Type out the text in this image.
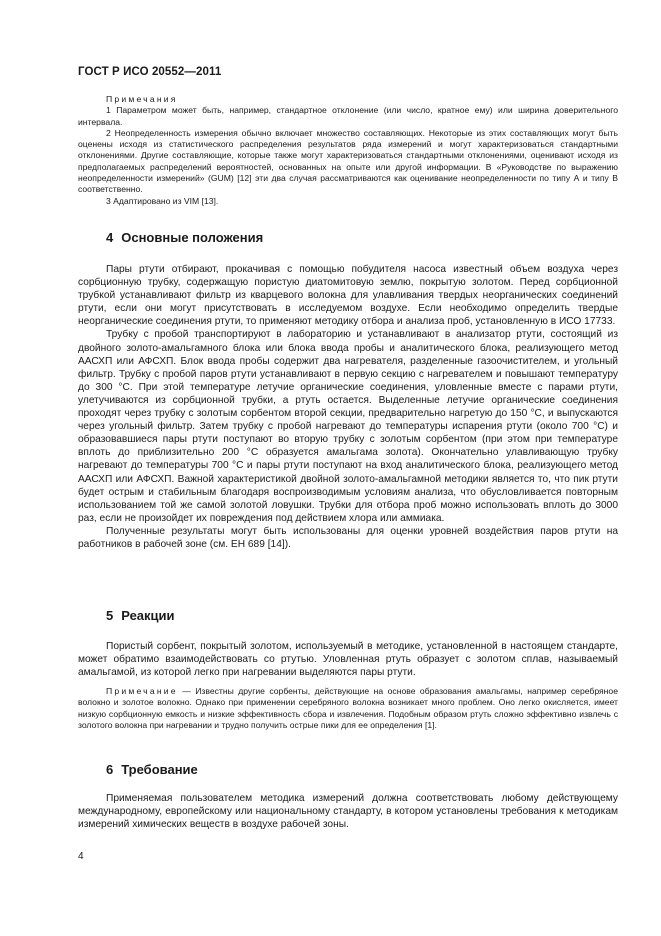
ГОСТ Р ИСО 20552—2011

Примечания

1 Параметром может быть, например, стандартное отклонение (или число, кратное ему) или ширина доверительного интервала.

2 Неопределенность измерения обычно включает множество составляющих. Некоторые из этих составляющих могут быть оценены исходя из статистического распределения результатов ряда измерений и могут характеризоваться стандартными отклонениями. Другие составляющие, которые также могут характеризоваться стандартными отклонениями, оценивают исходя из предполагаемых распределений вероятностей, основанных на опыте или другой информации. В «Руководстве по выражению неопределенности измерений» (GUM) [12] эти два случая рассматриваются как оценивание неопределенности по типу А и типу В соответственно.

3 Адаптировано из VIM [13].

4 Основные положения

Пары ртути отбирают, прокачивая с помощью побудителя насоса известный объем воздуха через сорбционную трубку, содержащую пористую диатомитовую землю, покрытую золотом. Перед сорбционной трубкой устанавливают фильтр из кварцевого волокна для улавливания твердых неорганических соединений ртути, если они могут присутствовать в исследуемом воздухе. Если необходимо определить твердые неорганические соединения ртути, то применяют методику отбора и анализа проб, установленную в ИСО 17733.

Трубку с пробой транспортируют в лабораторию и устанавливают в анализатор ртути, состоящий из двойного золото-амальгамного блока или блока ввода пробы и аналитического блока, реализующего метод ААСХП или АФСХП. Блок ввода пробы содержит два нагревателя, разделенные газоочистителем, и угольный фильтр. Трубку с пробой паров ртути устанавливают в первую секцию с нагревателем и повышают температуру до 300 °С. При этой температуре летучие органические соединения, уловленные вместе с парами ртути, улетучиваются из сорбционной трубки, а ртуть остается. Выделенные летучие органические соединения проходят через трубку с золотым сорбентом второй секции, предварительно нагретую до 150 °С, и выпускаются через угольный фильтр. Затем трубку с пробой нагревают до температуры испарения ртути (около 700 °С) и образовавшиеся пары ртути поступают во вторую трубку с золотым сорбентом (при этом при температуре вплоть до приблизительно 200 °С образуется амальгама золота). Окончательно улавливающую трубку нагревают до температуры 700 °С и пары ртути поступают на вход аналитического блока, реализующего метод ААСХП или АФСХП. Важной характеристикой двойной золото-амальгамной методики является то, что пик ртути будет острым и стабильным благодаря воспроизводимым условиям анализа, что обусловливается повторным использованием той же самой золотой ловушки. Трубки для отбора проб можно использовать вплоть до 3000 раз, если не произойдет их повреждения под действием хлора или аммиака.

Полученные результаты могут быть использованы для оценки уровней воздействия паров ртути на работников в рабочей зоне (см. ЕН 689 [14]).

5 Реакции

Пористый сорбент, покрытый золотом, используемый в методике, установленной в настоящем стандарте, может обратимо взаимодействовать со ртутью. Уловленная ртуть образует с золотом сплав, называемый амальгамой, из которой легко при нагревании выделяются пары ртути.

Примечание — Известны другие сорбенты, действующие на основе образования амальгамы, например серебряное волокно и золотое волокно. Однако при применении серебряного волокна возникает много проблем. Оно легко окисляется, имеет низкую сорбционную емкость и низкие эффективность сбора и извлечения. Подобным образом ртуть сложно эффективно извлечь с золотого волокна при нагревании и трудно получить острые пики для ее определения [1].

6 Требование

Применяемая пользователем методика измерений должна соответствовать любому действующему международному, европейскому или национальному стандарту, в котором установлены требования к методикам измерений химических веществ в воздухе рабочей зоны.

4
